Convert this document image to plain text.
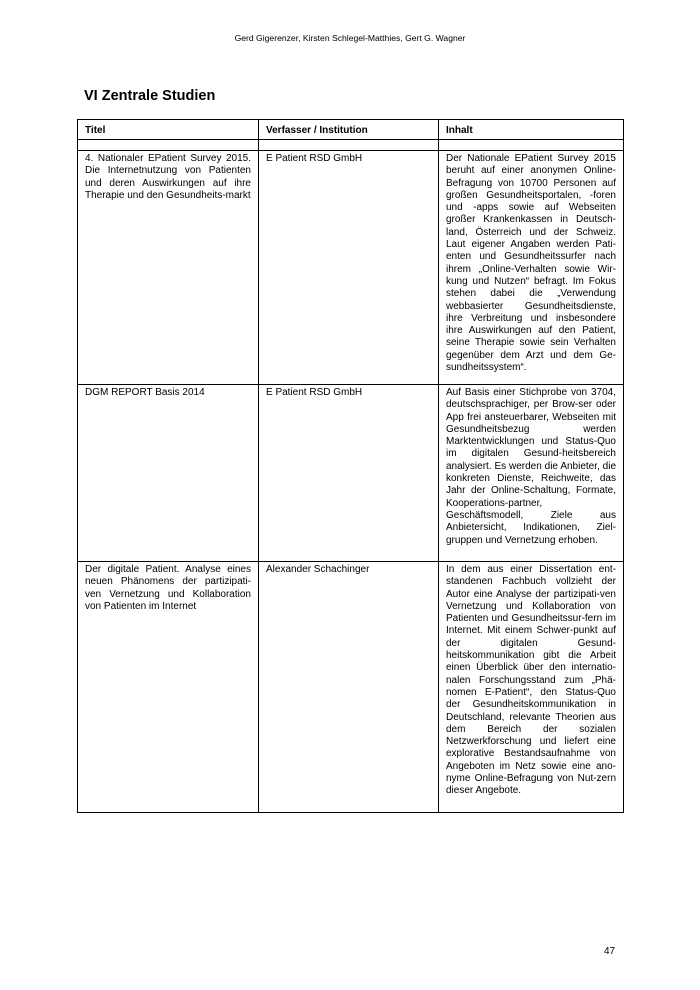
Gerd Gigerenzer, Kirsten Schlegel-Matthies, Gert G. Wagner
VI Zentrale Studien
Titel	Verfasser / Institution	Inhalt

4. Nationaler EPatient Survey 2015. Die Internetnutzung von Patienten und deren Auswirkungen auf ihre Therapie und den Gesundheits-markt	E Patient RSD GmbH	Der Nationale EPatient Survey 2015 beruht auf einer anonymen Online-Befragung von 10700 Personen auf großen Gesundheitsportalen, -foren und -apps sowie auf Webseiten großer Krankenkassen in Deutsch-land, Österreich und der Schweiz. Laut eigener Angaben werden Pati-enten und Gesundheitssurfer nach ihrem „Online-Verhalten sowie Wir-kung und Nutzen“ befragt. Im Fokus stehen dabei die „Verwendung webbasierter Gesundheitsdienste, ihre Verbreitung und insbesondere ihre Auswirkungen auf den Patient, seine Therapie sowie sein Verhalten gegenüber dem Arzt und dem Ge-sundheitssystem“.
DGM REPORT Basis 2014	E Patient RSD GmbH	Auf Basis einer Stichprobe von 3704, deutschsprachiger, per Brow-ser oder App frei ansteuerbarer, Webseiten mit Gesundheitsbezug werden Marktentwicklungen und Status-Quo im digitalen Gesund-heitsbereich analysiert. Es werden die Anbieter, die konkreten Dienste, Reichweite, das Jahr der Online-Schaltung, Formate, Kooperations-partner, Geschäftsmodell, Ziele aus Anbietersicht, Indikationen, Ziel-gruppen und Vernetzung erhoben.
Der digitale Patient. Analyse eines neuen Phänomens der partizipati-ven Vernetzung und Kollaboration von Patienten im Internet	Alexander Schachinger	In dem aus einer Dissertation ent-standenen Fachbuch vollzieht der Autor eine Analyse der partizipati-ven Vernetzung und Kollaboration von Patienten und Gesundheitssur-fern im Internet. Mit einem Schwer-punkt auf der digitalen Gesund-heitskommunikation gibt die Arbeit einen Überblick über den internatio-nalen Forschungsstand zum „Phä-nomen E-Patient“, den Status-Quo der Gesundheitskommunikation in Deutschland, relevante Theorien aus dem Bereich der sozialen Netzwerkforschung und liefert eine explorative Bestandsaufnahme von Angeboten im Netz sowie eine ano-nyme Online-Befragung von Nut-zern dieser Angebote.
47
